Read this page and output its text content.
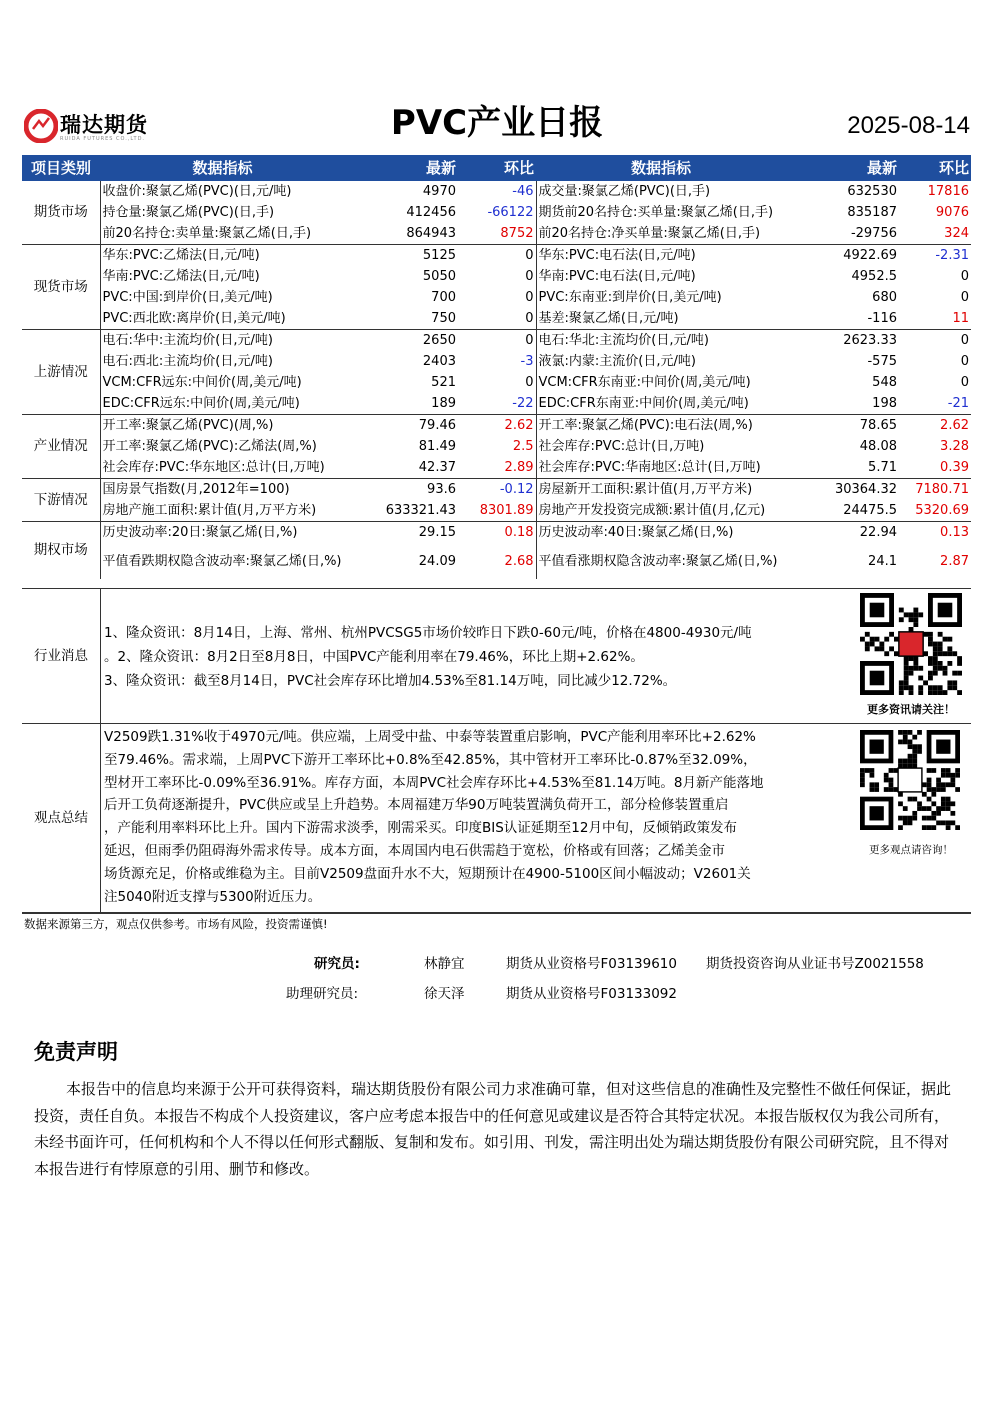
瑞达期货
RUIDA FUTURES CO.,LTD.	PVC产业日报	2025-08-14
项目类别	数据指标	最新	环比	数据指标	最新	环比
期货市场	收盘价:聚氯乙烯(PVC)(日,元/吨)	4970	-46	成交量:聚氯乙烯(PVC)(日,手)	632530	17816
	持仓量:聚氯乙烯(PVC)(日,手)	412456	-66122	期货前20名持仓:买单量:聚氯乙烯(日,手)	835187	9076
	前20名持仓:卖单量:聚氯乙烯(日,手)	864943	8752	前20名持仓:净买单量:聚氯乙烯(日,手)	-29756	324
现货市场	华东:PVC:乙烯法(日,元/吨)	5125	0	华东:PVC:电石法(日,元/吨)	4922.69	-2.31
	华南:PVC:乙烯法(日,元/吨)	5050	0	华南:PVC:电石法(日,元/吨)	4952.5	0
	PVC:中国:到岸价(日,美元/吨)	700	0	PVC:东南亚:到岸价(日,美元/吨)	680	0
	PVC:西北欧:离岸价(日,美元/吨)	750	0	基差:聚氯乙烯(日,元/吨)	-116	11
上游情况	电石:华中:主流均价(日,元/吨)	2650	0	电石:华北:主流均价(日,元/吨)	2623.33	0
	电石:西北:主流均价(日,元/吨)	2403	-3	液氯:内蒙:主流价(日,元/吨)	-575	0
	VCM:CFR远东:中间价(周,美元/吨)	521	0	VCM:CFR东南亚:中间价(周,美元/吨)	548	0
	EDC:CFR远东:中间价(周,美元/吨)	189	-22	EDC:CFR东南亚:中间价(周,美元/吨)	198	-21
产业情况	开工率:聚氯乙烯(PVC)(周,%)	79.46	2.62	开工率:聚氯乙烯(PVC):电石法(周,%)	78.65	2.62
	开工率:聚氯乙烯(PVC):乙烯法(周,%)	81.49	2.5	社会库存:PVC:总计(日,万吨)	48.08	3.28
	社会库存:PVC:华东地区:总计(日,万吨)	42.37	2.89	社会库存:PVC:华南地区:总计(日,万吨)	5.71	0.39
下游情况	国房景气指数(月,2012年=100)	93.6	-0.12	房屋新开工面积:累计值(月,万平方米)	30364.32	7180.71
	房地产施工面积:累计值(月,万平方米)	633321.43	8301.89	房地产开发投资完成额:累计值(月,亿元)	24475.5	5320.69
期权市场	历史波动率:20日:聚氯乙烯(日,%)	29.15	0.18	历史波动率:40日:聚氯乙烯(日,%)	22.94	0.13
	平值看跌期权隐含波动率:聚氯乙烯(日,%)	24.09	2.68	平值看涨期权隐含波动率:聚氯乙烯(日,%)	24.1	2.87
行业消息
1、隆众资讯：8月14日，上海、常州、杭州PVCSG5市场价较昨日下跌0-60元/吨，价格在4800-4930元/吨
。2、隆众资讯：8月2日至8月8日，中国PVC产能利用率在79.46%，环比上期+2.62%。
3、隆众资讯：截至8月14日，PVC社会库存环比增加4.53%至81.14万吨，同比减少12.72%。
更多资讯请关注！
观点总结
V2509跌1.31%收于4970元/吨。供应端，上周受中盐、中泰等装置重启影响，PVC产能利用率环比+2.62%
至79.46%。需求端，上周PVC下游开工率环比+0.8%至42.85%，其中管材开工率环比-0.87%至32.09%，
型材开工率环比-0.09%至36.91%。库存方面，本周PVC社会库存环比+4.53%至81.14万吨。8月新产能落地
后开工负荷逐渐提升，PVC供应或呈上升趋势。本周福建万华90万吨装置满负荷开工，部分检修装置重启
，产能利用率料环比上升。国内下游需求淡季，刚需采买。印度BIS认证延期至12月中旬，反倾销政策发布
延迟，但雨季仍阻碍海外需求传导。成本方面，本周国内电石供需趋于宽松，价格或有回落；乙烯美金市
场货源充足，价格或维稳为主。目前V2509盘面升水不大，短期预计在4900-5100区间小幅波动；V2601关
注5040附近支撑与5300附近压力。
更多观点请咨询！
数据来源第三方，观点仅供参考。市场有风险，投资需谨慎!
研究员:	林静宜	期货从业资格号F03139610 期货投资咨询从业证书号Z0021558
助理研究员:	徐天泽	期货从业资格号F03133092
免责声明
本报告中的信息均来源于公开可获得资料，瑞达期货股份有限公司力求准确可靠，但对这些信息的准确性及完整性不做任何保证，据此投资，责任自负。本报告不构成个人投资建议，客户应考虑本报告中的任何意见或建议是否符合其特定状况。本报告版权仅为我公司所有，未经书面许可，任何机构和个人不得以任何形式翻版、复制和发布。如引用、刊发，需注明出处为瑞达期货股份有限公司研究院，且不得对本报告进行有悖原意的引用、删节和修改。
